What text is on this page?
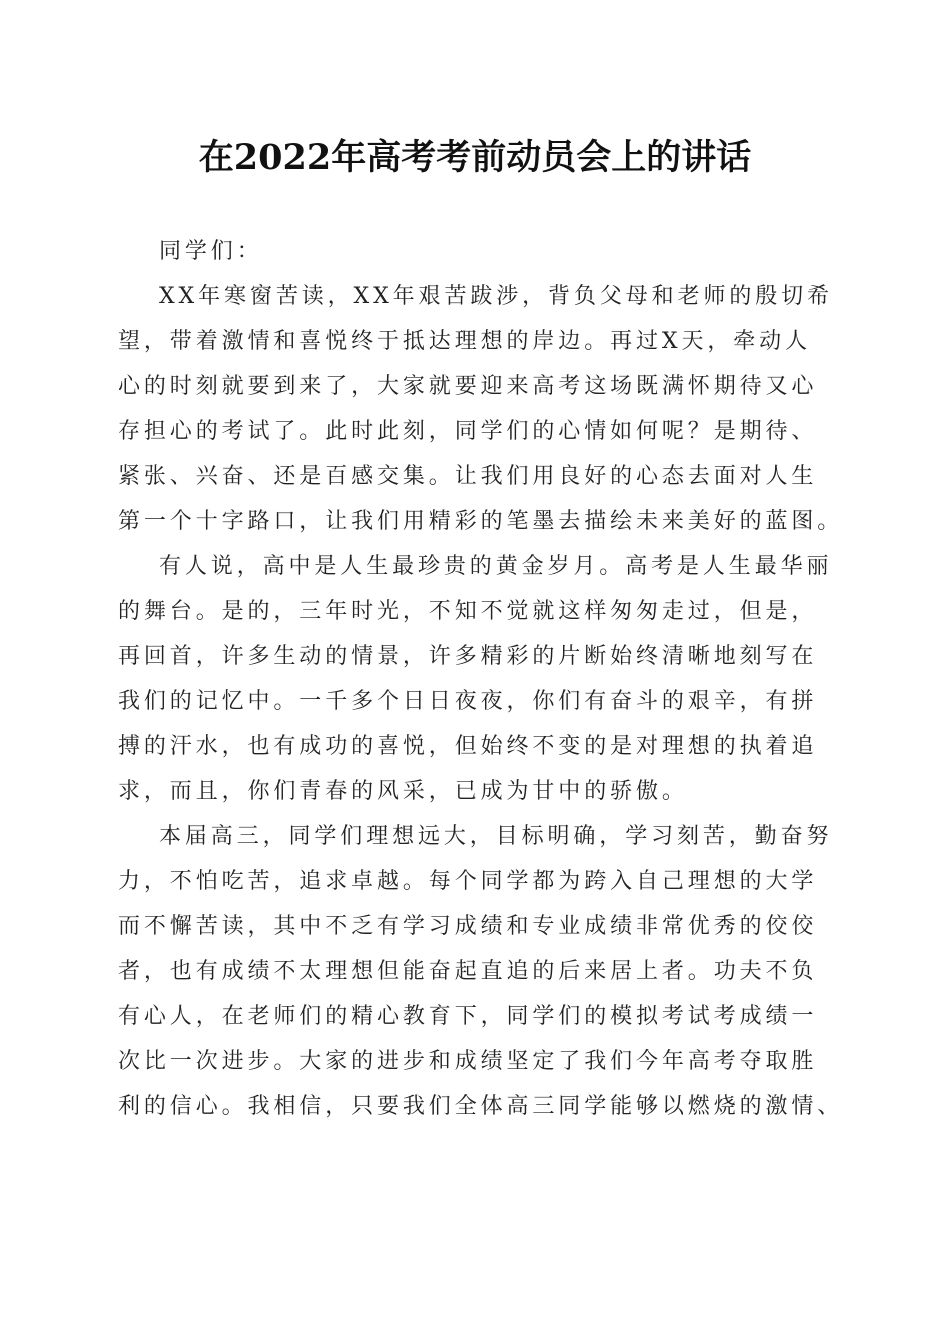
在2022年高考考前动员会上的讲话
同学们：
XX年寒窗苦读，XX年艰苦跋涉，背负父母和老师的殷切希
望，带着激情和喜悦终于抵达理想的岸边。再过X天，牵动人
心的时刻就要到来了，大家就要迎来高考这场既满怀期待又心
存担心的考试了。此时此刻，同学们的心情如何呢？是期待、
紧张、兴奋、还是百感交集。让我们用良好的心态去面对人生
第一个十字路口，让我们用精彩的笔墨去描绘未来美好的蓝图。
有人说，高中是人生最珍贵的黄金岁月。高考是人生最华丽
的舞台。是的，三年时光，不知不觉就这样匆匆走过，但是，
再回首，许多生动的情景，许多精彩的片断始终清晰地刻写在
我们的记忆中。一千多个日日夜夜，你们有奋斗的艰辛，有拼
搏的汗水，也有成功的喜悦，但始终不变的是对理想的执着追
求，而且，你们青春的风采，已成为甘中的骄傲。
本届高三，同学们理想远大，目标明确，学习刻苦，勤奋努
力，不怕吃苦，追求卓越。每个同学都为跨入自己理想的大学
而不懈苦读，其中不乏有学习成绩和专业成绩非常优秀的佼佼
者，也有成绩不太理想但能奋起直追的后来居上者。功夫不负
有心人，在老师们的精心教育下，同学们的模拟考试考成绩一
次比一次进步。大家的进步和成绩坚定了我们今年高考夺取胜
利的信心。我相信，只要我们全体高三同学能够以燃烧的激情、
